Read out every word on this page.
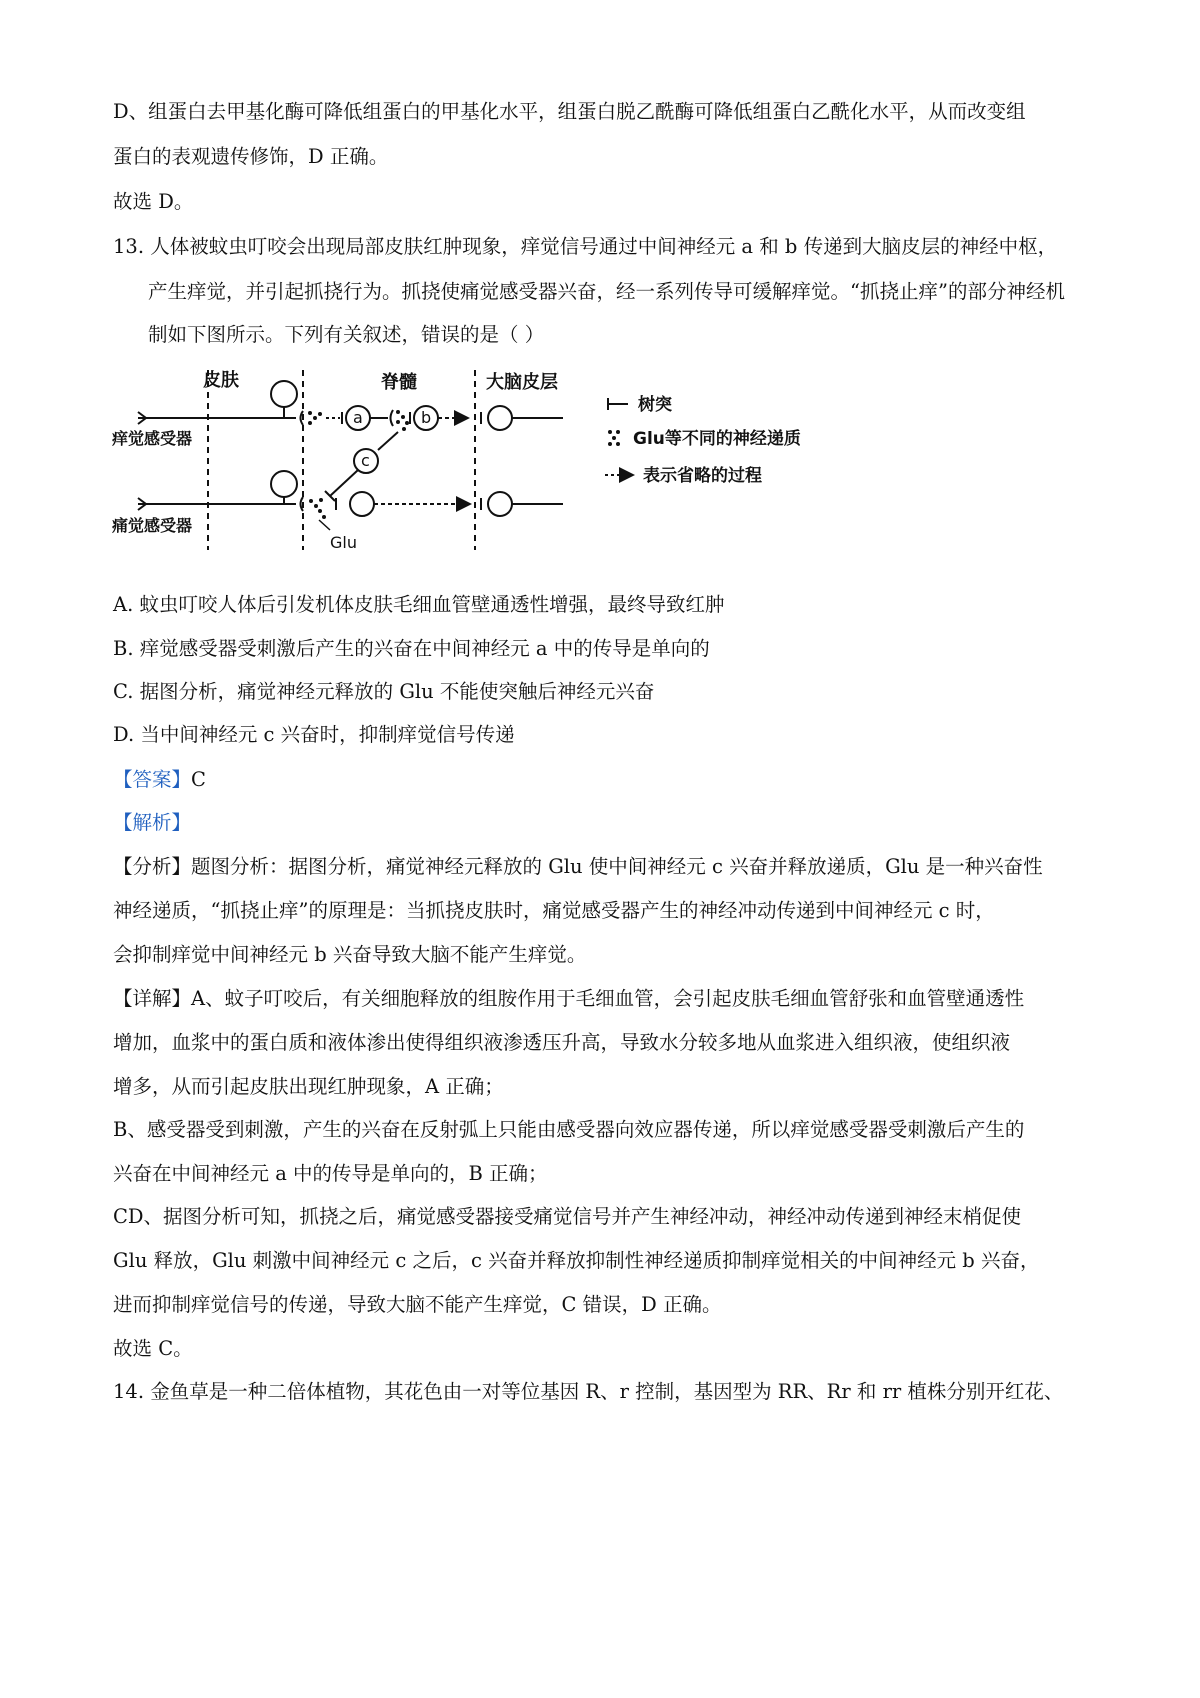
D、组蛋白去甲基化酶可降低组蛋白的甲基化水平，组蛋白脱乙酰酶可降低组蛋白乙酰化水平，从而改变组
蛋白的表观遗传修饰，D 正确。
故选 D。
13. 人体被蚊虫叮咬会出现局部皮肤红肿现象，痒觉信号通过中间神经元 a 和 b 传递到大脑皮层的神经中枢，
产生痒觉，并引起抓挠行为。抓挠使痛觉感受器兴奋，经一系列传导可缓解痒觉。“抓挠止痒”的部分神经机
制如下图所示。下列有关叙述，错误的是（ ）
皮肤	脊髓	大脑皮层
痒觉感受器
a	b
c
痛觉感受器
Glu
树突
Glu等不同的神经递质
表示省略的过程
A. 蚊虫叮咬人体后引发机体皮肤毛细血管壁通透性增强，最终导致红肿
B. 痒觉感受器受刺激后产生的兴奋在中间神经元 a 中的传导是单向的
C. 据图分析，痛觉神经元释放的 Glu 不能使突触后神经元兴奋
D. 当中间神经元 c 兴奋时，抑制痒觉信号传递
【答案】C
【解析】
【分析】题图分析：据图分析，痛觉神经元释放的 Glu 使中间神经元 c 兴奋并释放递质，Glu 是一种兴奋性
神经递质，“抓挠止痒”的原理是：当抓挠皮肤时，痛觉感受器产生的神经冲动传递到中间神经元 c 时，
会抑制痒觉中间神经元 b 兴奋导致大脑不能产生痒觉。
【详解】A、蚊子叮咬后，有关细胞释放的组胺作用于毛细血管，会引起皮肤毛细血管舒张和血管壁通透性
增加，血浆中的蛋白质和液体渗出使得组织液渗透压升高，导致水分较多地从血浆进入组织液，使组织液
增多，从而引起皮肤出现红肿现象，A 正确；
B、感受器受到刺激，产生的兴奋在反射弧上只能由感受器向效应器传递，所以痒觉感受器受刺激后产生的
兴奋在中间神经元 a 中的传导是单向的，B 正确；
CD、据图分析可知，抓挠之后，痛觉感受器接受痛觉信号并产生神经冲动，神经冲动传递到神经末梢促使
Glu 释放，Glu 刺激中间神经元 c 之后，c 兴奋并释放抑制性神经递质抑制痒觉相关的中间神经元 b 兴奋，
进而抑制痒觉信号的传递，导致大脑不能产生痒觉，C 错误，D 正确。
故选 C。
14. 金鱼草是一种二倍体植物，其花色由一对等位基因 R、r 控制，基因型为 RR、Rr 和 rr 植株分别开红花、
